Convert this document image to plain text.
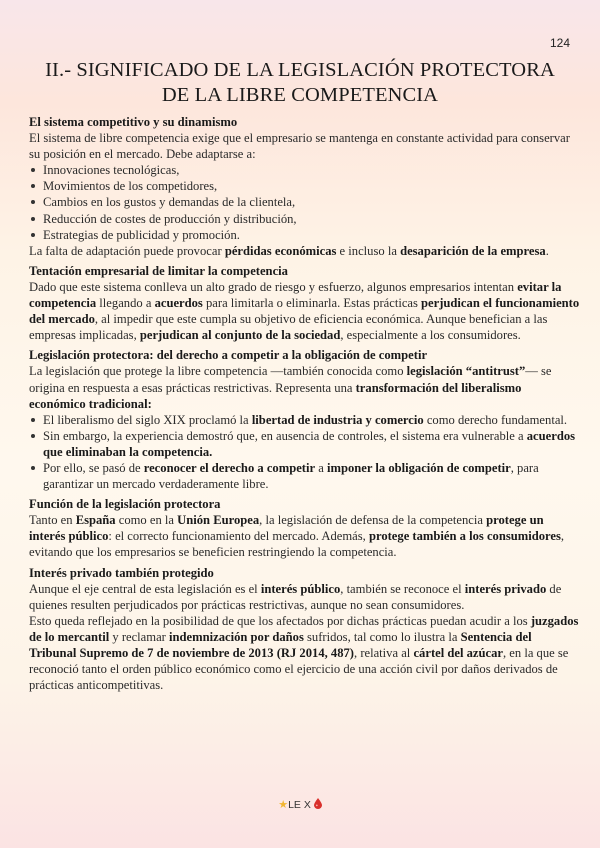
124
II.- SIGNIFICADO DE LA LEGISLACIÓN PROTECTORA
DE LA LIBRE COMPETENCIA
El sistema competitivo y su dinamismo

El sistema de libre competencia exige que el empresario se mantenga en constante actividad para conservar su posición en el mercado. Debe adaptarse a:

Innovaciones tecnológicas,
Movimientos de los competidores,
Cambios en los gustos y demandas de la clientela,
Reducción de costes de producción y distribución,
Estrategias de publicidad y promoción.

La falta de adaptación puede provocar pérdidas económicas e incluso la desaparición de la empresa.

Tentación empresarial de limitar la competencia

Dado que este sistema conlleva un alto grado de riesgo y esfuerzo, algunos empresarios intentan evitar la competencia llegando a acuerdos para limitarla o eliminarla. Estas prácticas perjudican el funcionamiento del mercado, al impedir que este cumpla su objetivo de eficiencia económica. Aunque benefician a las empresas implicadas, perjudican al conjunto de la sociedad, especialmente a los consumidores.

Legislación protectora: del derecho a competir a la obligación de competir

La legislación que protege la libre competencia —también conocida como legislación “antitrust”— se origina en respuesta a esas prácticas restrictivas. Representa una transformación del liberalismo económico tradicional:

El liberalismo del siglo XIX proclamó la libertad de industria y comercio como derecho fundamental.
Sin embargo, la experiencia demostró que, en ausencia de controles, el sistema era vulnerable a acuerdos que eliminaban la competencia.
Por ello, se pasó de reconocer el derecho a competir a imponer la obligación de competir, para garantizar un mercado verdaderamente libre.
Función de la legislación protectora

Tanto en España como en la Unión Europea, la legislación de defensa de la competencia protege un interés público: el correcto funcionamiento del mercado. Además, protege también a los consumidores, evitando que los empresarios se beneficien restringiendo la competencia.

Interés privado también protegido

Aunque el eje central de esta legislación es el interés público, también se reconoce el interés privado de quienes resulten perjudicados por prácticas restrictivas, aunque no sean consumidores.

Esto queda reflejado en la posibilidad de que los afectados por dichas prácticas puedan acudir a los juzgados de lo mercantil y reclamar indemnización por daños sufridos, tal como lo ilustra la Sentencia del Tribunal Supremo de 7 de noviembre de 2013 (RJ 2014, 487), relativa al cártel del azúcar, en la que se reconoció tanto el orden público económico como el ejercicio de una acción civil por daños derivados de prácticas anticompetitivas.

★LE X
